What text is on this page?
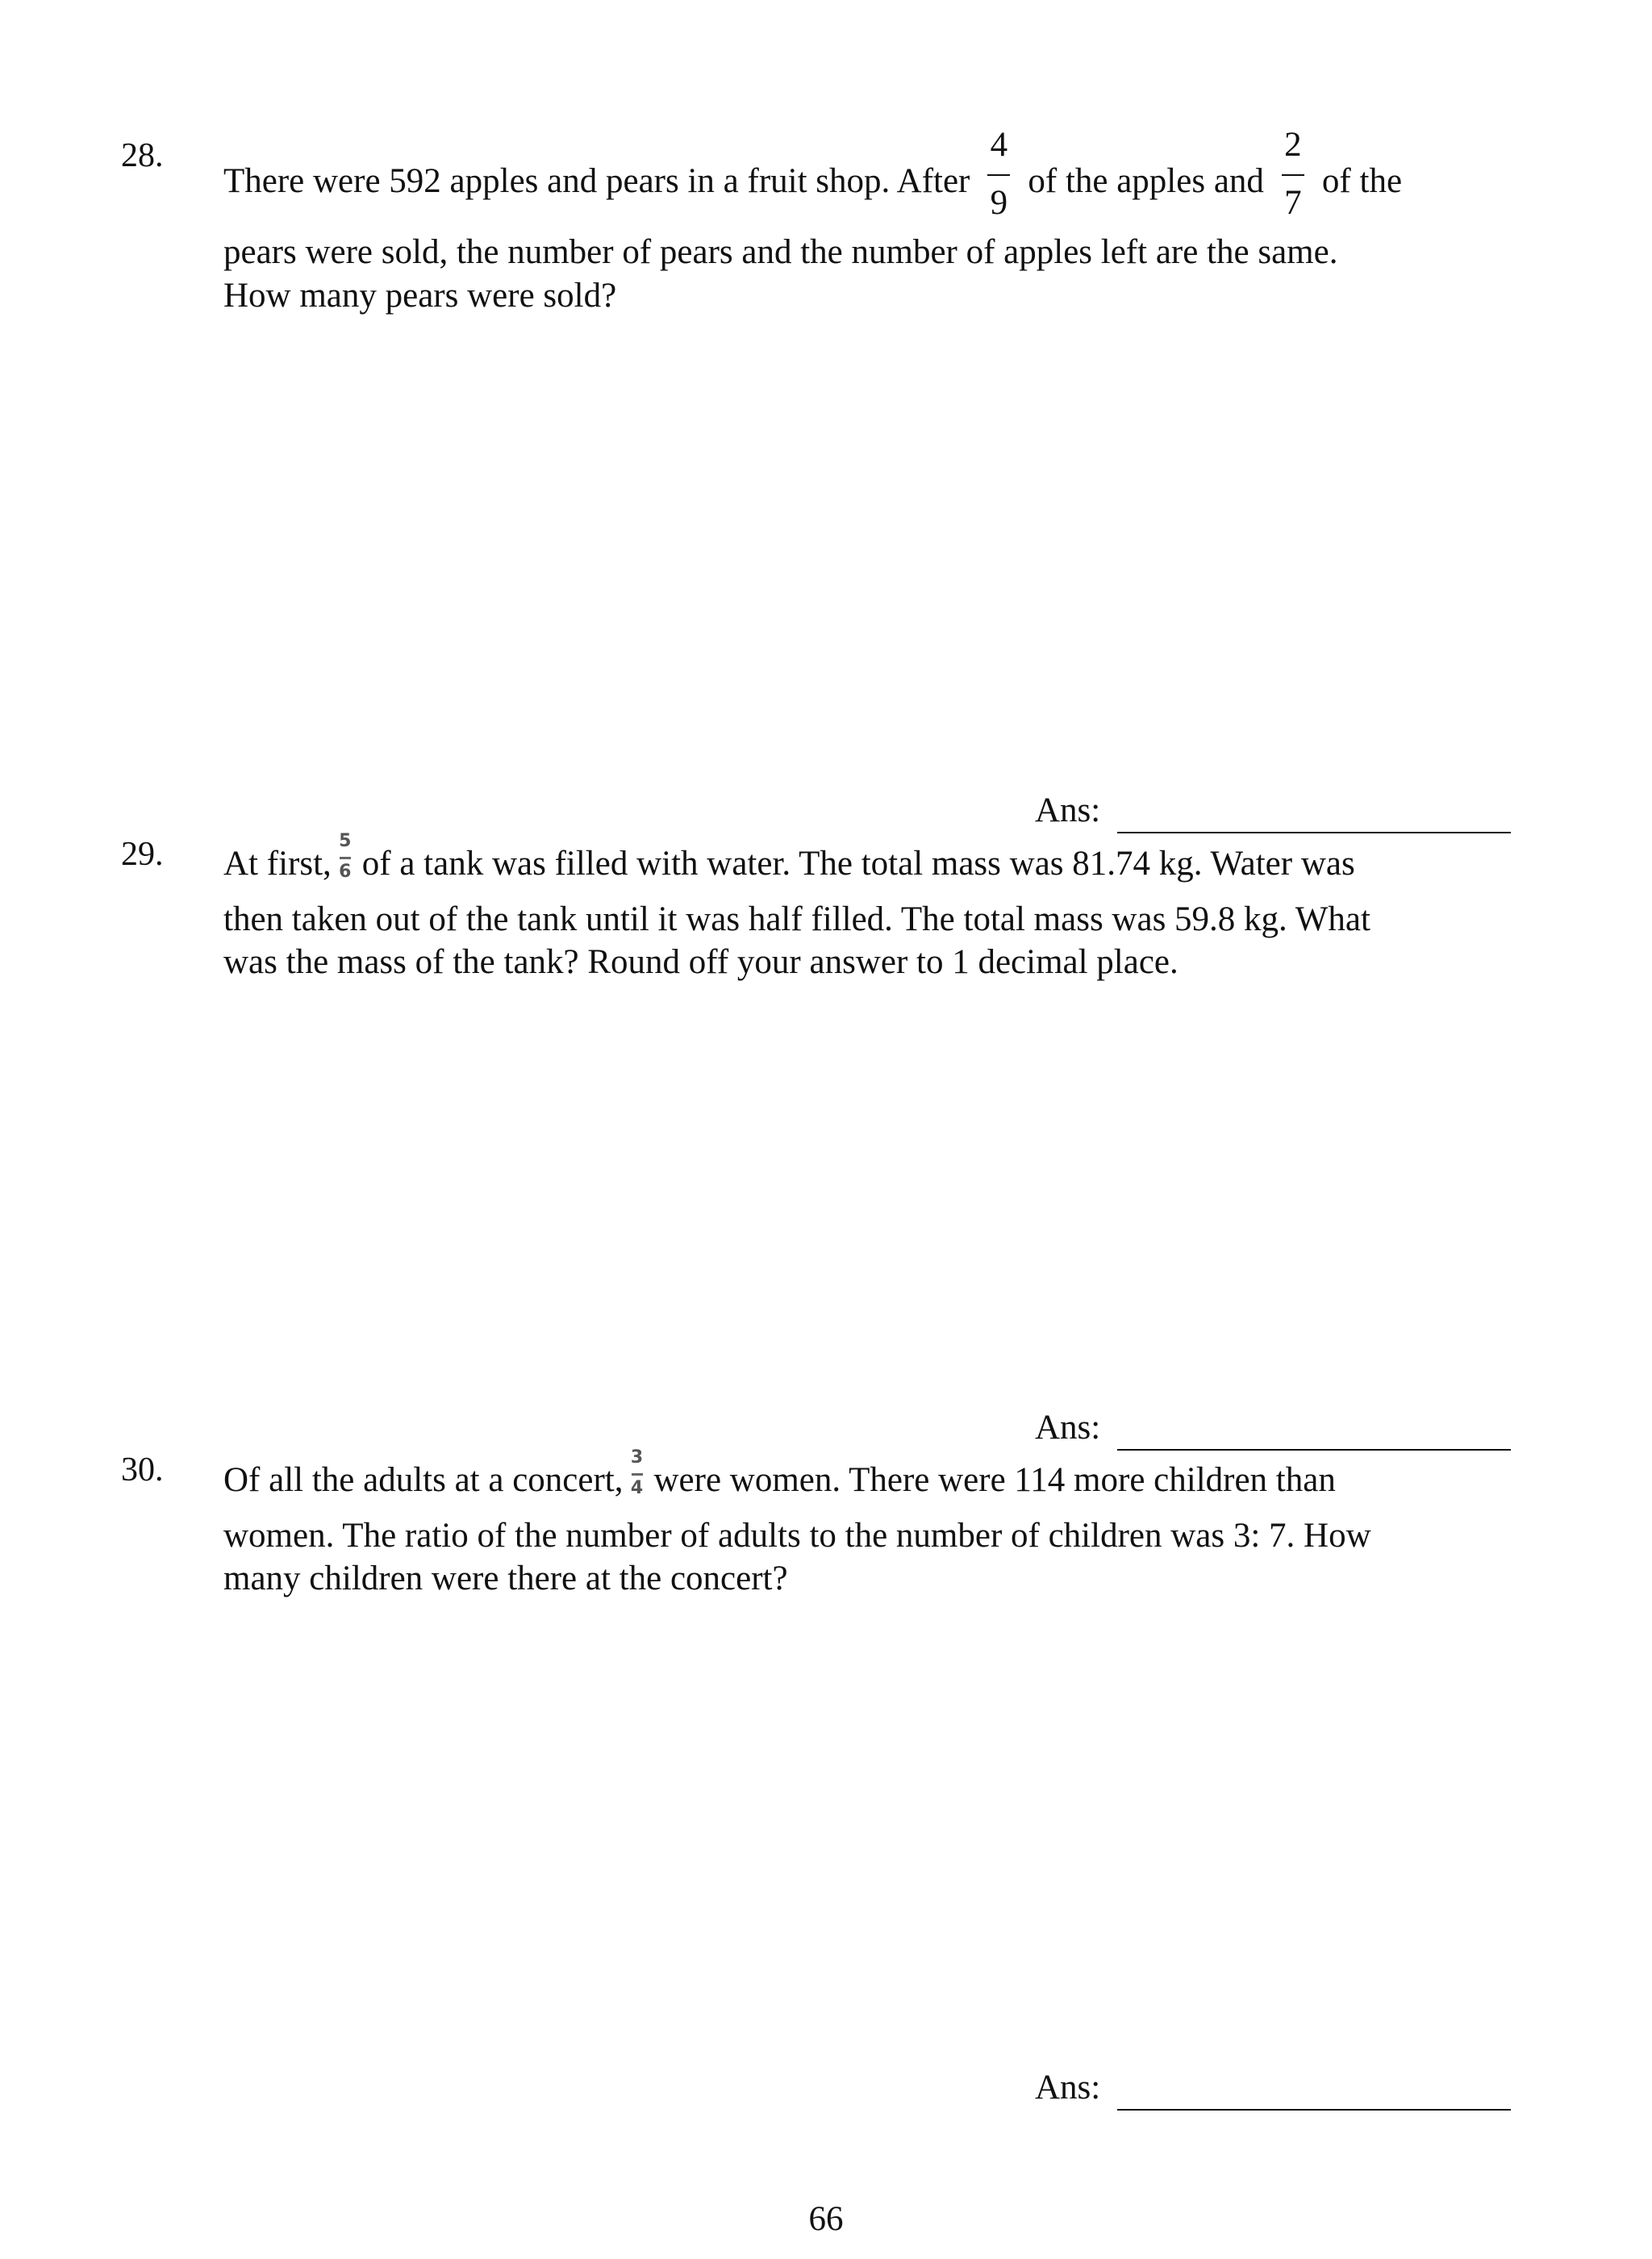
28.
There were 592 apples and pears in a fruit shop. After $\frac{4}{9}$ of the apples and $\frac{2}{7}$ of the
pears were sold, the number of pears and the number of apples left are the same.
How many pears were sold?
Ans:
29. At first, $\frac{5}{6}$ of a tank was filled with water. The total mass was 81.74 kg. Water was
then taken out of the tank until it was half filled. The total mass was 59.8 kg. What
was the mass of the tank? Round off your answer to 1 decimal place.
Ans:
30. Of all the adults at a concert, $\frac{3}{4}$ were women. There were 114 more children than
women. The ratio of the number of adults to the number of children was 3: 7. How
many children were there at the concert?
Ans:
66
